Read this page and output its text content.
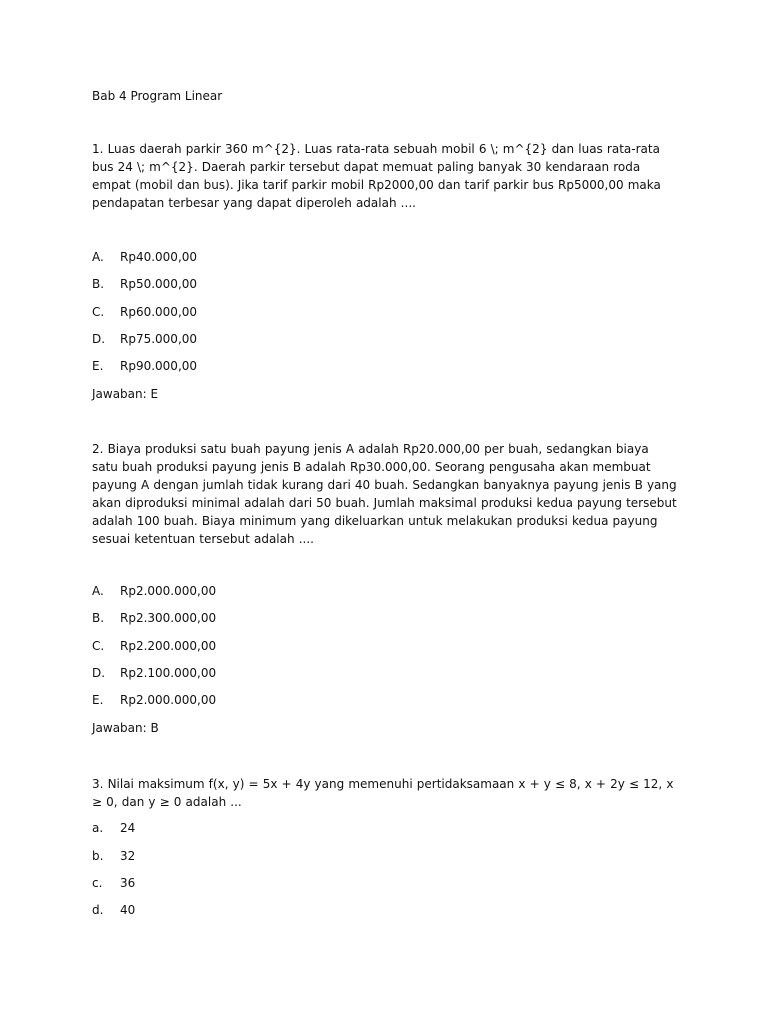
Bab 4 Program Linear

1. Luas daerah parkir 360 m^{2}. Luas rata-rata sebuah mobil 6 \; m^{2} dan luas rata-rata bus 24 \; m^{2}. Daerah parkir tersebut dapat memuat paling banyak 30 kendaraan roda empat (mobil dan bus). Jika tarif parkir mobil Rp2000,00 dan tarif parkir bus Rp5000,00 maka pendapatan terbesar yang dapat diperoleh adalah ....

A. Rp40.000,00
B. Rp50.000,00
C. Rp60.000,00
D. Rp75.000,00
E. Rp90.000,00
Jawaban: E

2. Biaya produksi satu buah payung jenis A adalah Rp20.000,00 per buah, sedangkan biaya satu buah produksi payung jenis B adalah Rp30.000,00. Seorang pengusaha akan membuat payung A dengan jumlah tidak kurang dari 40 buah. Sedangkan banyaknya payung jenis B yang akan diproduksi minimal adalah dari 50 buah. Jumlah maksimal produksi kedua payung tersebut adalah 100 buah. Biaya minimum yang dikeluarkan untuk melakukan produksi kedua payung sesuai ketentuan tersebut adalah ....

A. Rp2.000.000,00
B. Rp2.300.000,00
C. Rp2.200.000,00
D. Rp2.100.000,00
E. Rp2.000.000,00
Jawaban: B

3. Nilai maksimum f(x, y) = 5x + 4y yang memenuhi pertidaksamaan x + y ≤ 8, x + 2y ≤ 12, x ≥ 0, dan y ≥ 0 adalah ...

a. 24
b. 32
c. 36
d. 40
